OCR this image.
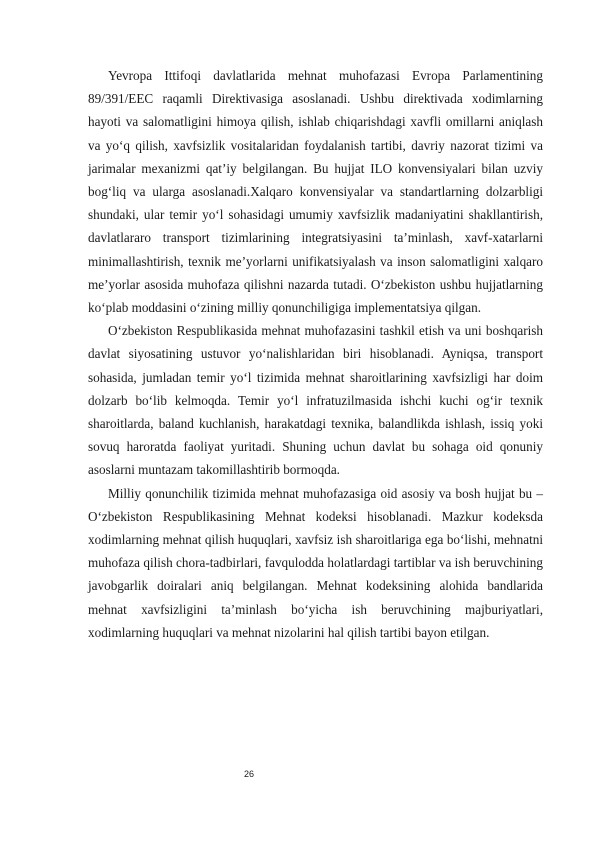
Yevropa Ittifoqi davlatlarida mehnat muhofazasi Evropa Parlamentining 89/391/EEC raqamli Direktivasiga asoslanadi. Ushbu direktivada xodimlarning hayoti va salomatligini himoya qilish, ishlab chiqarishdagi xavfli omillarni aniqlash va yo‘q qilish, xavfsizlik vositalaridan foydalanish tartibi, davriy nazorat tizimi va jarimalar mexanizmi qat’iy belgilangan. Bu hujjat ILO konvensiyalari bilan uzviy bog‘liq va ularga asoslanadi.Xalqaro konvensiyalar va standartlarning dolzarbligi shundaki, ular temir yo‘l sohasidagi umumiy xavfsizlik madaniyatini shakllantirish, davlatlararo transport tizimlarining integratsiyasini ta’minlash, xavf-xatarlarni minimallashtirish, texnik me’yorlarni unifikatsiyalash va inson salomatligini xalqaro me’yorlar asosida muhofaza qilishni nazarda tutadi. O‘zbekiston ushbu hujjatlarning ko‘plab moddasini o‘zining milliy qonunchiligiga implementatsiya qilgan.

O‘zbekiston Respublikasida mehnat muhofazasini tashkil etish va uni boshqarish davlat siyosatining ustuvor yo‘nalishlaridan biri hisoblanadi. Ayniqsa, transport sohasida, jumladan temir yo‘l tizimida mehnat sharoitlarining xavfsizligi har doim dolzarb bo‘lib kelmoqda. Temir yo‘l infratuzilmasida ishchi kuchi og‘ir texnik sharoitlarda, baland kuchlanish, harakatdagi texnika, balandlikda ishlash, issiq yoki sovuq haroratda faoliyat yuritadi. Shuning uchun davlat bu sohaga oid qonuniy asoslarni muntazam takomillashtirib bormoqda.

Milliy qonunchilik tizimida mehnat muhofazasiga oid asosiy va bosh hujjat bu – O‘zbekiston Respublikasining Mehnat kodeksi hisoblanadi. Mazkur kodeksda xodimlarning mehnat qilish huquqlari, xavfsiz ish sharoitlariga ega bo‘lishi, mehnatni muhofaza qilish chora-tadbirlari, favqulodda holatlardagi tartiblar va ish beruvchining javobgarlik doiralari aniq belgilangan. Mehnat kodeksining alohida bandlarida mehnat xavfsizligini ta’minlash bo‘yicha ish beruvchining majburiyatlari, xodimlarning huquqlari va mehnat nizolarini hal qilish tartibi bayon etilgan.

26
